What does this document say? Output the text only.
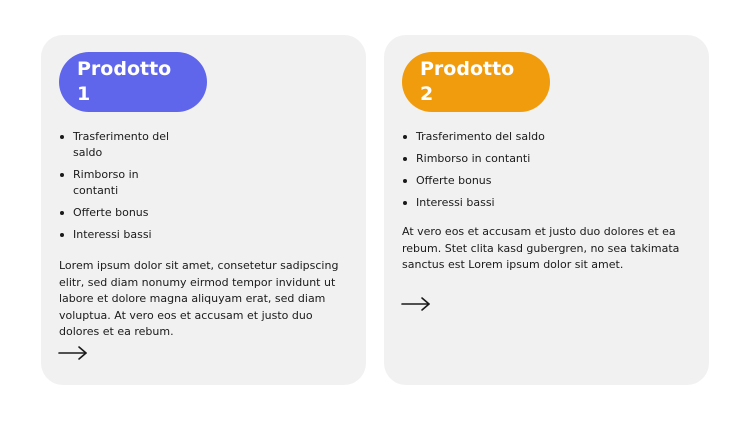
Prodotto
1
Trasferimento del saldo
Rimborso in contanti
Offerte bonus
Interessi bassi

Lorem ipsum dolor sit amet, consetetur sadipscing elitr, sed diam nonumy eirmod tempor invidunt ut labore et dolore magna aliquyam erat, sed diam voluptua. At vero eos et accusam et justo duo dolores et ea rebum.

Prodotto
2
Trasferimento del saldo
Rimborso in contanti
Offerte bonus
Interessi bassi

At vero eos et accusam et justo duo dolores et ea rebum. Stet clita kasd gubergren, no sea takimata sanctus est Lorem ipsum dolor sit amet.
